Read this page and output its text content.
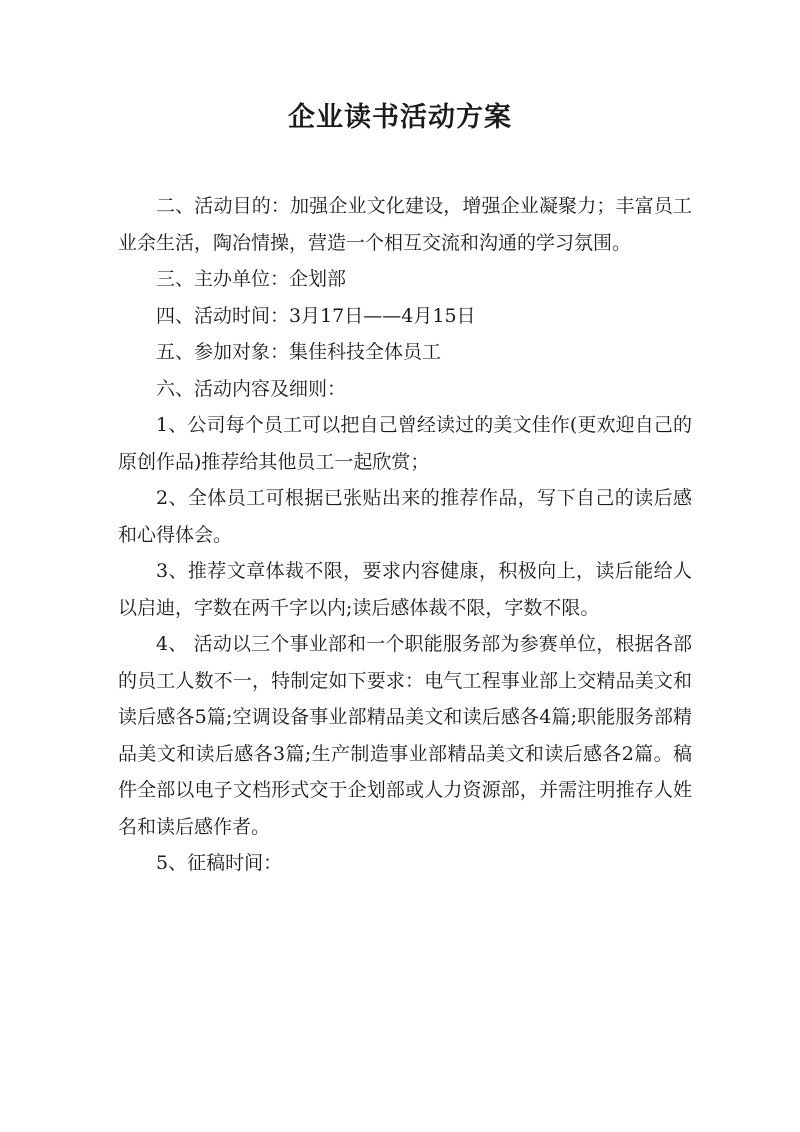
企业读书活动方案

二、活动目的：加强企业文化建设，增强企业凝聚力；丰富员工业余生活，陶冶情操，营造一个相互交流和沟通的学习氛围。

三、主办单位：企划部

四、活动时间：3月17日——4月15日

五、参加对象：集佳科技全体员工

六、活动内容及细则：

1、公司每个员工可以把自己曾经读过的美文佳作(更欢迎自己的原创作品)推荐给其他员工一起欣赏；

2、全体员工可根据已张贴出来的推荐作品，写下自己的读后感和心得体会。

3、推荐文章体裁不限，要求内容健康，积极向上，读后能给人以启迪，字数在两千字以内;读后感体裁不限，字数不限。

4、 活动以三个事业部和一个职能服务部为参赛单位，根据各部的员工人数不一，特制定如下要求：电气工程事业部上交精品美文和读后感各5篇;空调设备事业部精品美文和读后感各4篇;职能服务部精品美文和读后感各3篇;生产制造事业部精品美文和读后感各2篇。稿件全部以电子文档形式交于企划部或人力资源部，并需注明推存人姓名和读后感作者。

5、征稿时间：
